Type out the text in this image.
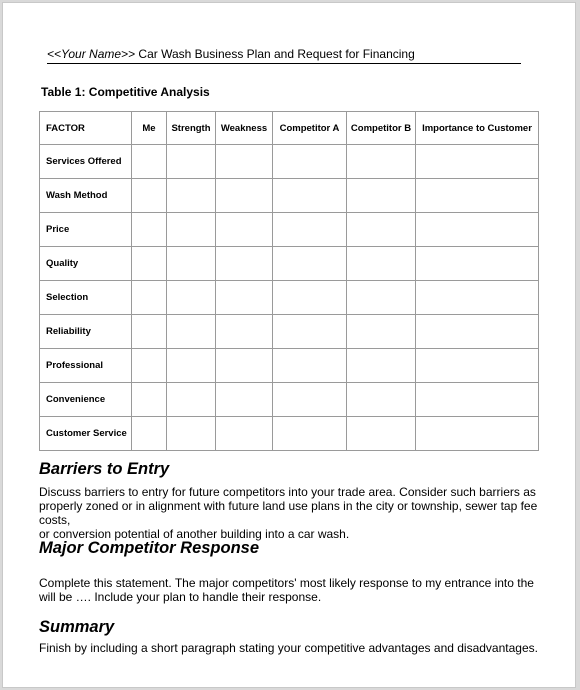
<<Your Name>> Car Wash Business Plan and Request for Financing
Table 1: Competitive Analysis
FACTOR	Me	Strength	Weakness	Competitor A	Competitor B	Importance to Customer
Services Offered						
Wash Method						
Price						
Quality						
Selection						
Reliability						
Professional						
Convenience						
Customer Service						
Barriers to Entry
Discuss barriers to entry for future competitors into your trade area. Consider such barriers as
properly zoned or in alignment with future land use plans in the city or township, sewer tap fee costs,
or conversion potential of another building into a car wash.
Major Competitor Response
Complete this statement. The major competitors' most likely response to my entrance into the
will be …. Include your plan to handle their response.
Summary
Finish by including a short paragraph stating your competitive advantages and disadvantages.
